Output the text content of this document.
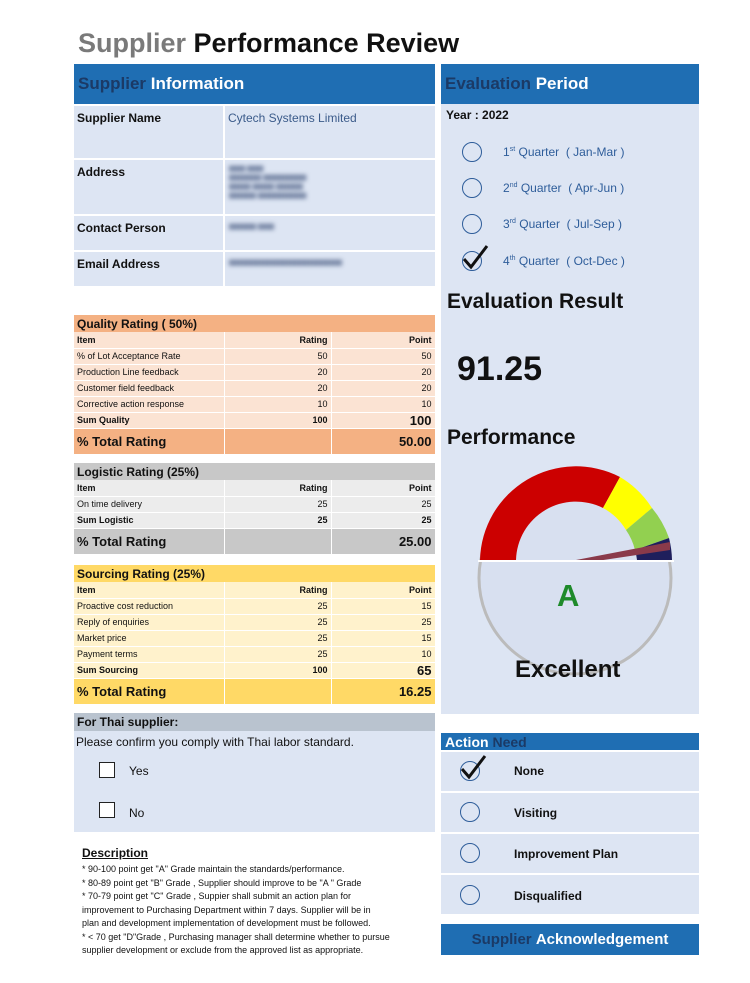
Supplier Performance Review
Supplier
Information
Supplier Name	Cytech Systems Limited
Address	▆▆▆ ▆▆▆
▆▆▆▆▆▆ ▆▆▆▆▆▆▆▆
▆▆▆▆ ▆▆▆▆ ▆▆▆▆▆
▆▆▆▆▆ ▆▆▆▆▆▆▆▆▆
Contact Person	▆▆▆▆▆ ▆▆▆
Email Address	▆▆▆▆▆▆▆▆▆▆▆▆▆▆▆▆▆▆▆▆▆
Evaluation
Period
Year : 2022
1st Quarter ( Jan-Mar )
2nd Quarter ( Apr-Jun )
3rd Quarter ( Jul-Sep )
4th Quarter ( Oct-Dec )
Evaluation Result
91.25
Performance
A
Excellent
Quality Rating ( 50%)
Item	Rating	Point
% of Lot Acceptance Rate	50	50
Production Line feedback	20	20
Customer field feedback	20	20
Corrective action response	10	10
Sum Quality	100	100
% Total Rating		50.00
Logistic Rating (25%)
Item	Rating	Point
On time delivery	25	25
Sum Logistic	25	25
% Total Rating		25.00
Sourcing Rating (25%)
Item	Rating	Point
Proactive cost reduction	25	15
Reply of enquiries	25	25
Market price	25	15
Payment terms	25	10
Sum Sourcing	100	65
% Total Rating		16.25
For Thai supplier:
Please confirm you comply with Thai labor standard.
Yes
No
Action
Need
None
Visiting
Improvement Plan
Disqualified
Supplier
Acknowledgement
Description
* 90-100 point get "A" Grade maintain the standards/performance.
* 80-89 point get "B" Grade , Supplier should improve to be "A " Grade
* 70-79 point get "C" Grade , Suppier shall submit an action plan for
improvement to Purchasing Department within 7 days. Supplier will be in
plan and development implementation of development must be followed.
* < 70 get "D"Grade , Purchasing manager shall determine whether to pursue
supplier development or exclude from the approved list as appropriate.
